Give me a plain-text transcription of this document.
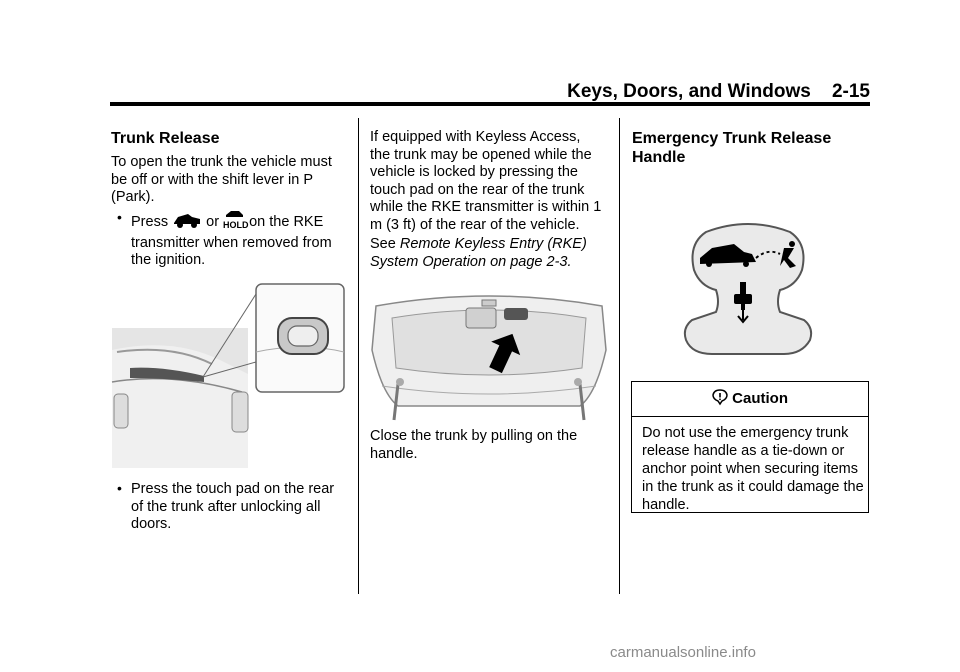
Keys, Doors, and Windows 2-15
Trunk Release

To open the trunk the vehicle must be off or with the shift lever in P (Park).

• Press	or HOLD on the RKE
transmitter when removed from the ignition.
• Press the touch pad on the rear of the trunk after unlocking all doors.

If equipped with Keyless Access, the trunk may be opened while the vehicle is locked by pressing the touch pad on the rear of the trunk while the RKE transmitter is within 1 m (3 ft) of the rear of the vehicle.

See Remote Keyless Entry (RKE) System Operation on page 2-3.

Close the trunk by pulling on the handle.

Emergency Trunk Release Handle
Caution
Do not use the emergency trunk release handle as a tie-down or anchor point when securing items in the trunk as it could damage the handle.
carmanualsonline.info
